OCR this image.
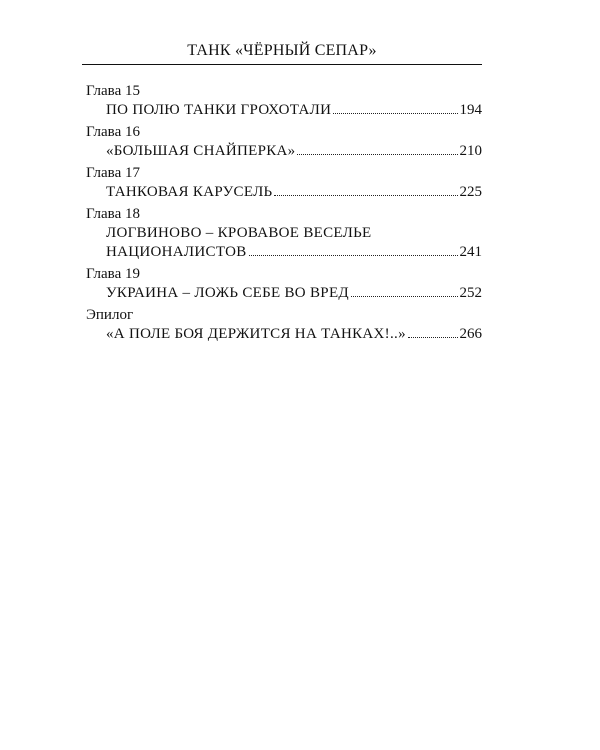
ТАНК «ЧЁРНЫЙ СЕПАР»
Глава 15
ПО ПОЛЮ ТАНКИ ГРОХОТАЛИ	194
Глава 16
«БОЛЬШАЯ СНАЙПЕРКА»	210
Глава 17
ТАНКОВАЯ КАРУСЕЛЬ	225
Глава 18
ЛОГВИНОВО – КРОВАВОЕ ВЕСЕЛЬЕ
НАЦИОНАЛИСТОВ	241
Глава 19
УКРАИНА – ЛОЖЬ СЕБЕ ВО ВРЕД	252
Эпилог
«А ПОЛЕ БОЯ ДЕРЖИТСЯ НА ТАНКАХ!..»	266
